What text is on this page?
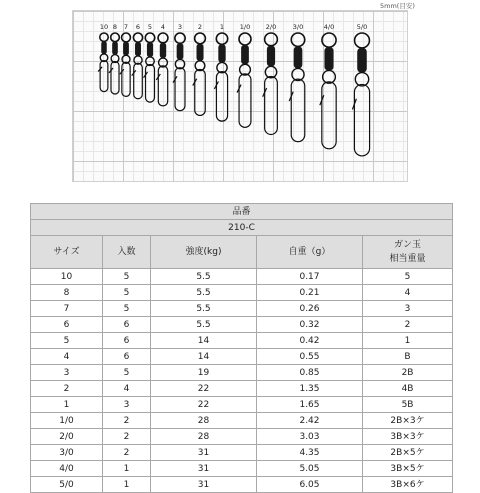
5mm(目安)
10 8 7 6 5 4 3 2	1 1/0 2/0	3/0	4/0	5/0
品番				
210-C				
サイズ	入数	強度(kg)	自重（g）	ガン玉
相当重量

10	5	5.5	0.17	5
8	5	5.5	0.21	4
7	5	5.5	0.26	3
6	6	5.5	0.32	2
5	6	14	0.42	1
4	6	14	0.55	B
3	5	19	0.85	2B
2	4	22	1.35	4B
1	3	22	1.65	5B
1/0	2	28	2.42	2B×3ケ
2/0	2	28	3.03	3B×3ケ
3/0	2	31	4.35	2B×5ケ
4/0	1	31	5.05	3B×5ケ
5/0	1	31	6.05	3B×6ケ
